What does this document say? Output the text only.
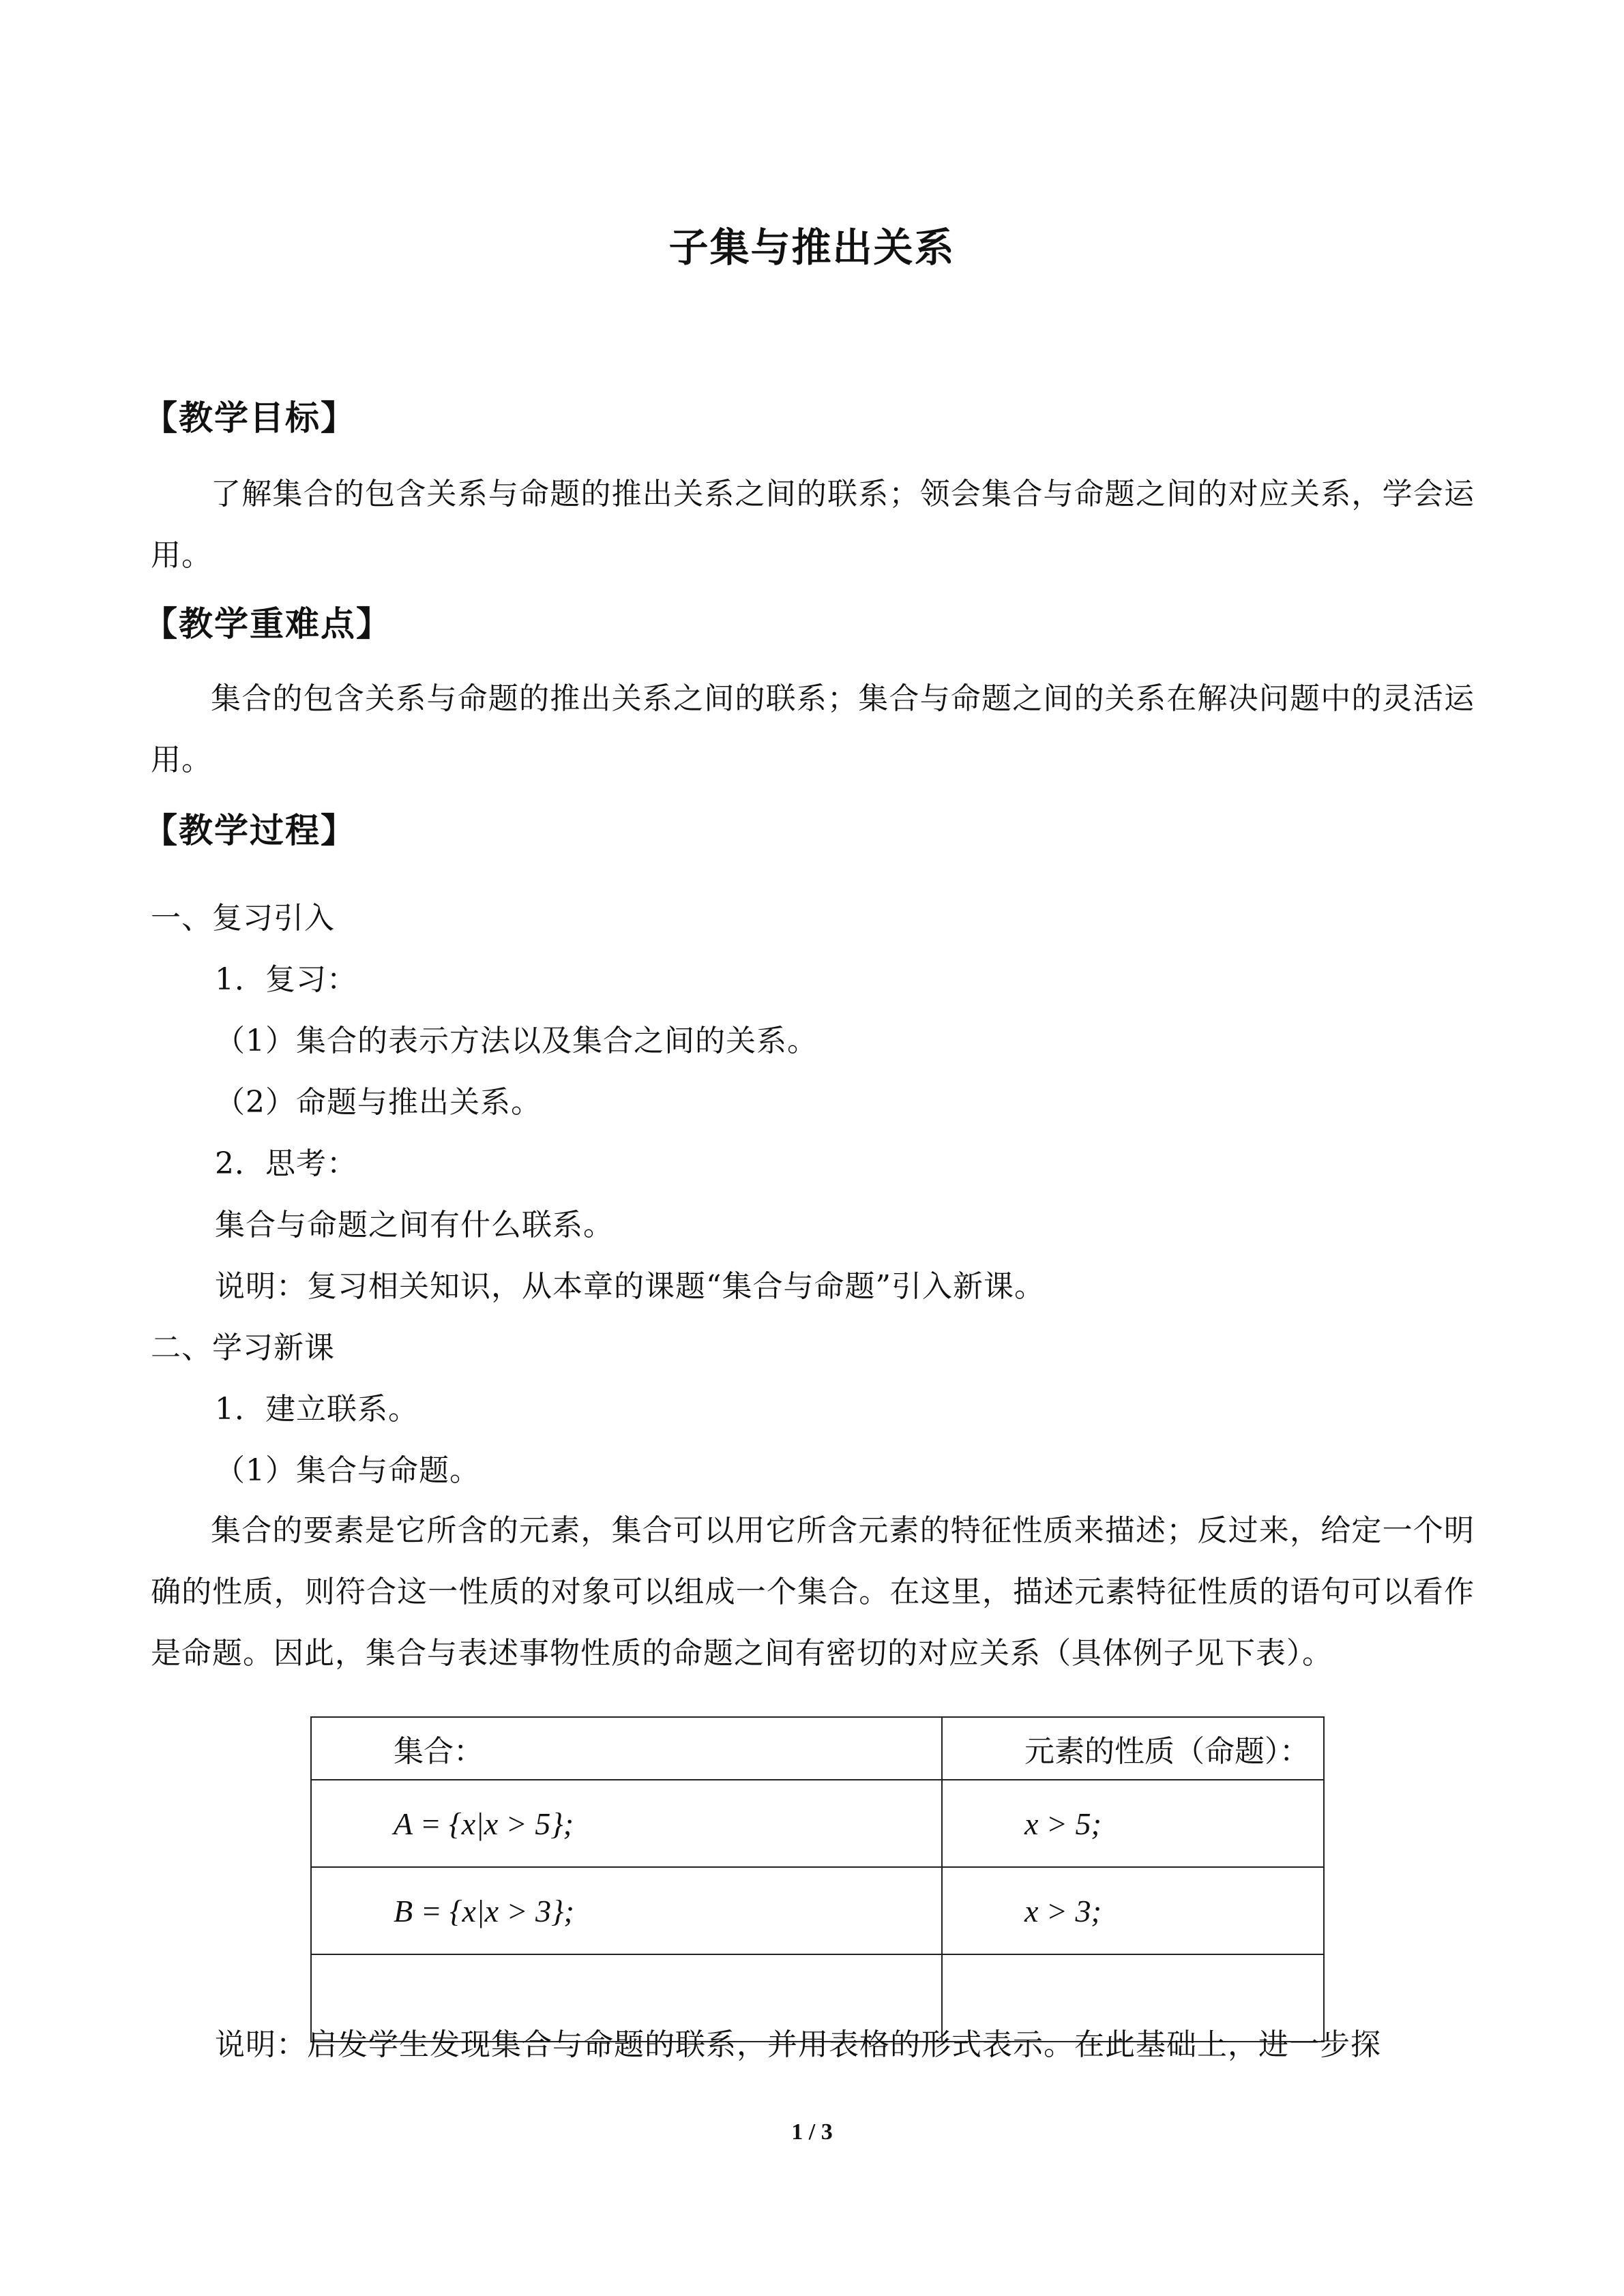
子集与推出关系
【教学目标】
了解集合的包含关系与命题的推出关系之间的联系；领会集合与命题之间的对应关系，学会运用。
【教学重难点】
集合的包含关系与命题的推出关系之间的联系；集合与命题之间的关系在解决问题中的灵活运用。
【教学过程】
一、复习引入
1．复习：
（1）集合的表示方法以及集合之间的关系。
（2）命题与推出关系。
2．思考：
集合与命题之间有什么联系。
说明：复习相关知识，从本章的课题“集合与命题”引入新课。
二、学习新课
1．建立联系。
（1）集合与命题。
集合的要素是它所含的元素，集合可以用它所含元素的特征性质来描述；反过来，给定一个明确的性质，则符合这一性质的对象可以组成一个集合。在这里，描述元素特征性质的语句可以看作是命题。因此，集合与表述事物性质的命题之间有密切的对应关系（具体例子见下表）。
集合：	元素的性质（命题）：
A = {x|x > 5};	x > 5;
B = {x|x > 3};	x > 3;

说明：启发学生发现集合与命题的联系，并用表格的形式表示。在此基础上，进一步探
1 / 3
